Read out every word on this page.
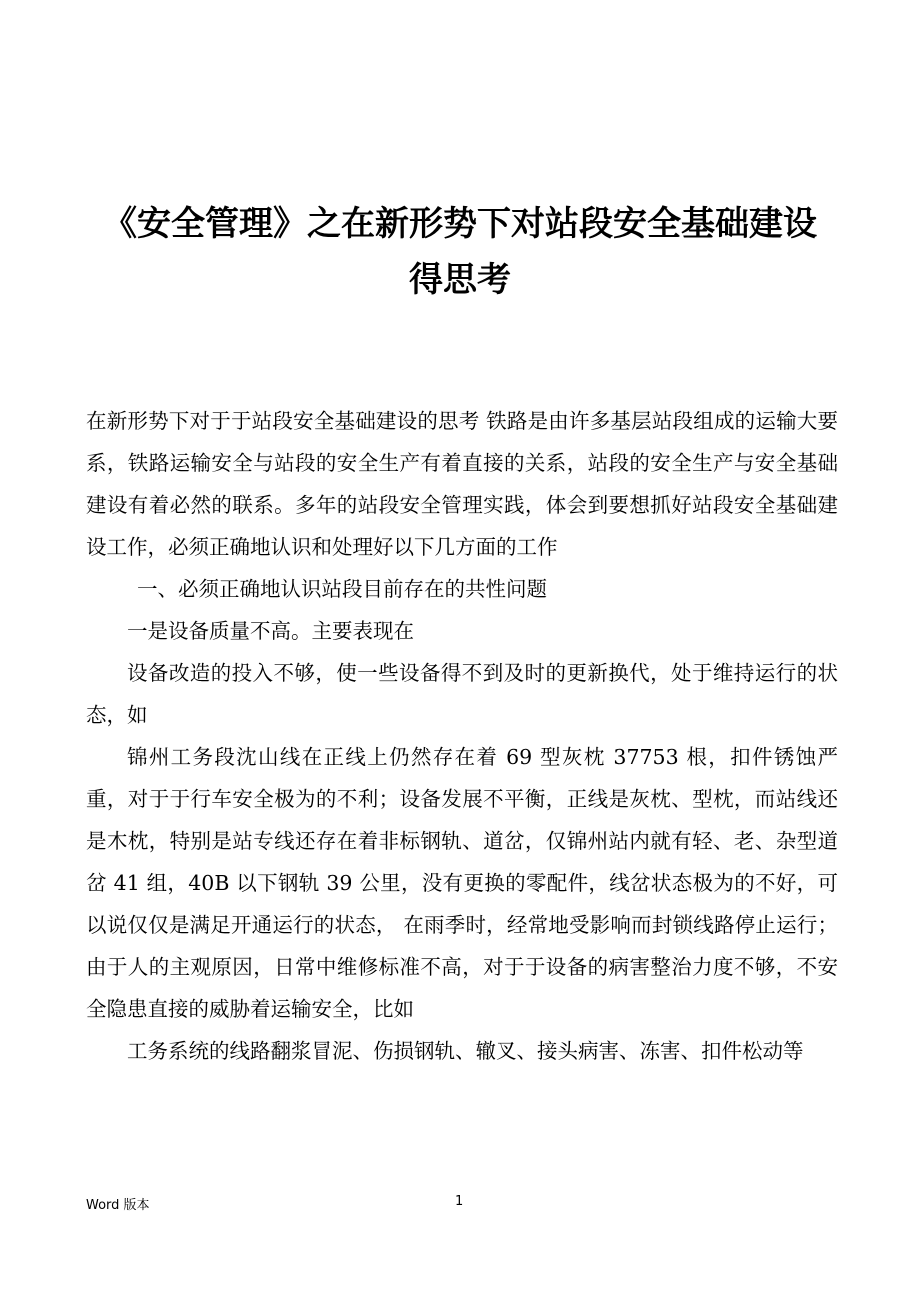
《安全管理》之在新形势下对站段安全基础建设
得思考

在新形势下对于于站段安全基础建设的思考 铁路是由许多基层站段组成的运输大要系，铁路运输安全与站段的安全生产有着直接的关系，站段的安全生产与安全基础建设有着必然的联系。多年的站段安全管理实践，体会到要想抓好站段安全基础建设工作，必须正确地认识和处理好以下几方面的工作

一、必须正确地认识站段目前存在的共性问题

一是设备质量不高。主要表现在

设备改造的投入不够，使一些设备得不到及时的更新换代，处于维持运行的状态，如

锦州工务段沈山线在正线上仍然存在着 69 型灰枕 37753 根，扣件锈蚀严重，对于于行车安全极为的不利；设备发展不平衡，正线是灰枕、型枕，而站线还是木枕，特别是站专线还存在着非标钢轨、道岔，仅锦州站内就有轻、老、杂型道岔 41 组，40B 以下钢轨 39 公里，没有更换的零配件，线岔状态极为的不好，可以说仅仅是满足开通运行的状态， 在雨季时，经常地受影响而封锁线路停止运行；由于人的主观原因，日常中维修标准不高，对于于设备的病害整治力度不够，不安全隐患直接的威胁着运输安全，比如

工务系统的线路翻浆冒泥、伤损钢轨、辙叉、接头病害、冻害、扣件松动等

Word 版本	1
